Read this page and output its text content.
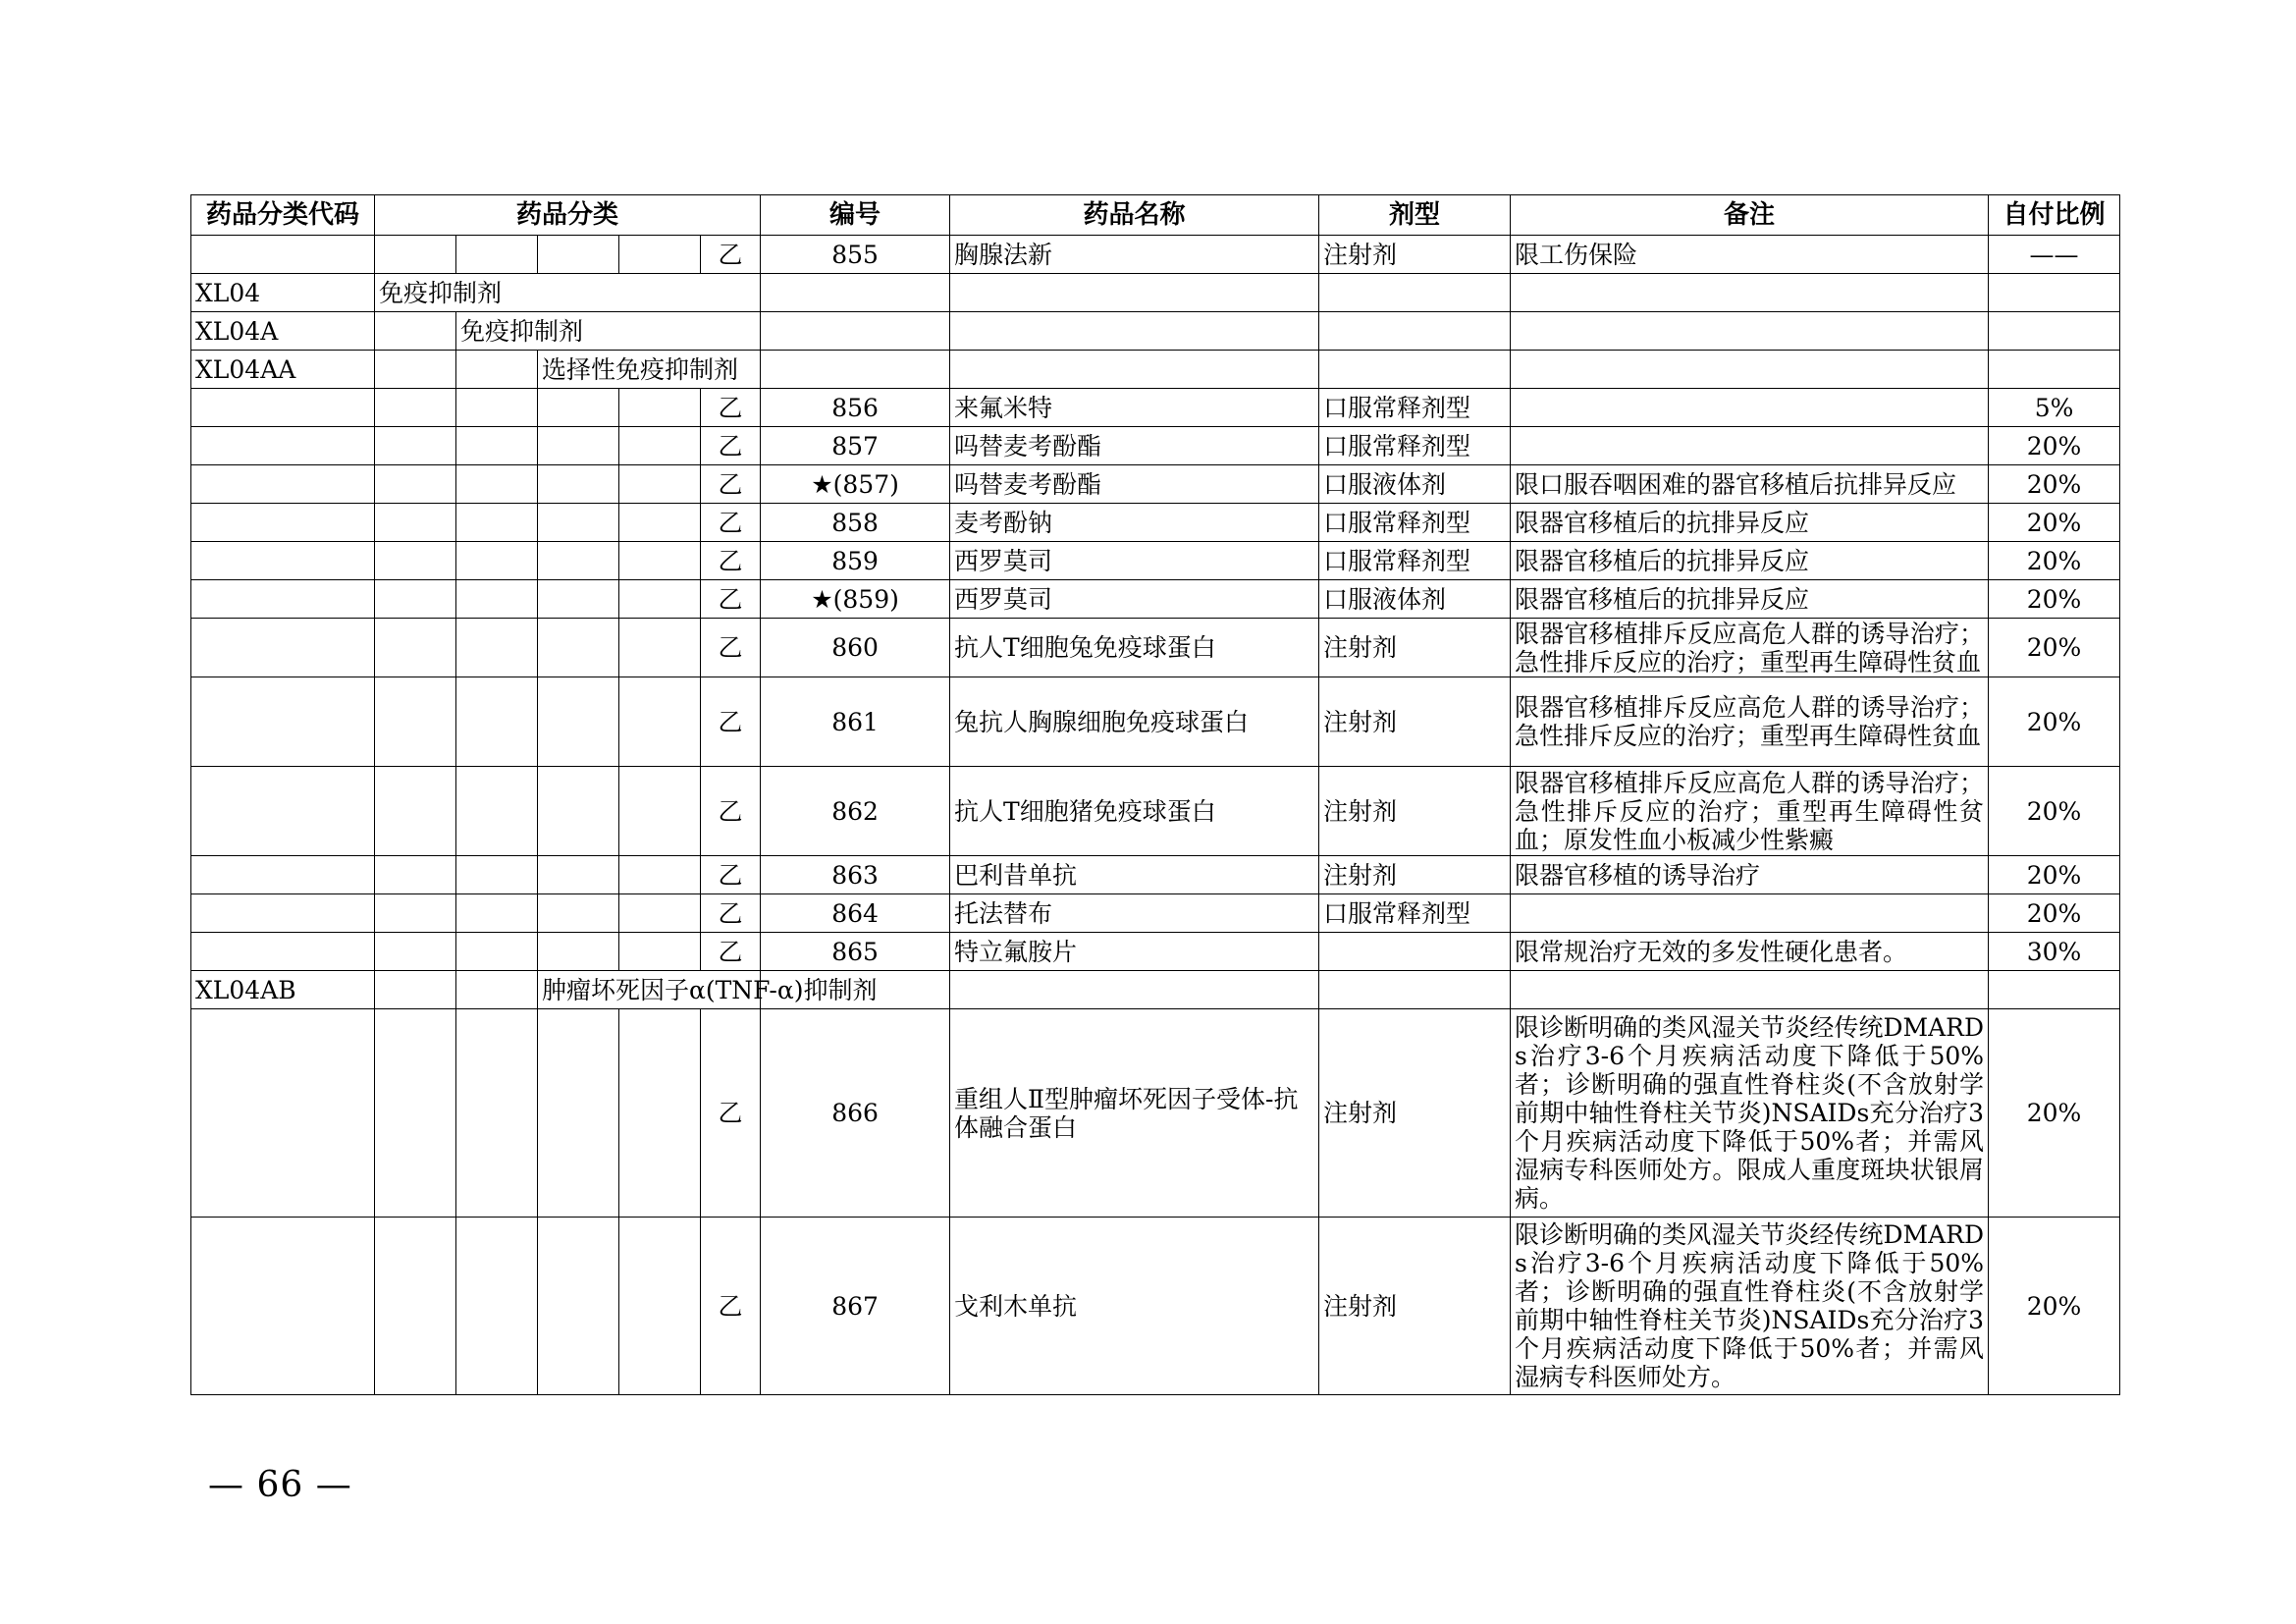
药品分类代码	药品分类					编号	药品名称	剂型	备注	自付比例
					乙	855	胸腺法新	注射剂	限工伤保险	——
XL04	免疫抑制剂									
XL04A		免疫抑制剂								
XL04AA			选择性免疫抑制剂							
					乙	856	来氟米特	口服常释剂型		5%
					乙	857	吗替麦考酚酯	口服常释剂型		20%
					乙	★(857)	吗替麦考酚酯	口服液体剂	限口服吞咽困难的器官移植后抗排异反应	20%
					乙	858	麦考酚钠	口服常释剂型	限器官移植后的抗排异反应	20%
					乙	859	西罗莫司	口服常释剂型	限器官移植后的抗排异反应	20%
					乙	★(859)	西罗莫司	口服液体剂	限器官移植后的抗排异反应	20%
					乙	860	抗人T细胞兔免疫球蛋白	注射剂	限器官移植排斥反应高危人群的诱导治疗；急性排斥反应的治疗；重型再生障碍性贫血	20%
					乙	861	兔抗人胸腺细胞免疫球蛋白	注射剂	限器官移植排斥反应高危人群的诱导治疗；急性排斥反应的治疗；重型再生障碍性贫血	20%
					乙	862	抗人T细胞猪免疫球蛋白	注射剂	限器官移植排斥反应高危人群的诱导治疗；急性排斥反应的治疗；重型再生障碍性贫血；原发性血小板减少性紫癜	20%
					乙	863	巴利昔单抗	注射剂	限器官移植的诱导治疗	20%
					乙	864	托法替布	口服常释剂型		20%
					乙	865	特立氟胺片		限常规治疗无效的多发性硬化患者。	30%
XL04AB			肿瘤坏死因子α(TNF-α)抑制剂							
					乙	866	重组人Ⅱ型肿瘤坏死因子受体-抗体融合蛋白	注射剂	限诊断明确的类风湿关节炎经传统DMARDs治疗3-6个月疾病活动度下降低于50%者；诊断明确的强直性脊柱炎(不含放射学前期中轴性脊柱关节炎)NSAIDs充分治疗3个月疾病活动度下降低于50%者；并需风湿病专科医师处方。限成人重度斑块状银屑病。	20%
					乙	867	戈利木单抗	注射剂	限诊断明确的类风湿关节炎经传统DMARDs治疗3-6个月疾病活动度下降低于50%者；诊断明确的强直性脊柱炎(不含放射学前期中轴性脊柱关节炎)NSAIDs充分治疗3个月疾病活动度下降低于50%者；并需风湿病专科医师处方。	20%
— 66 —
